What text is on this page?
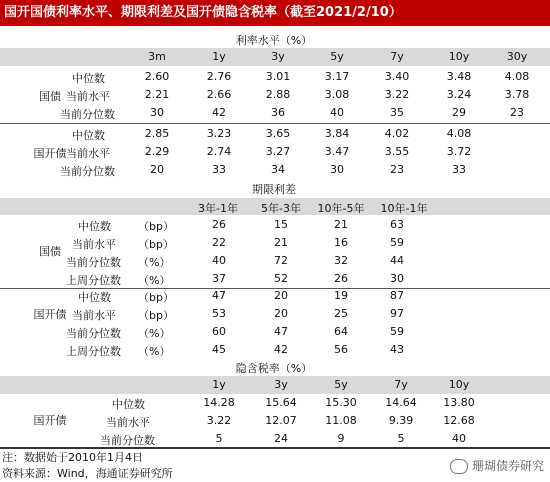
国开国债利率水平、期限利差及国开债隐含税率（截至2021/2/10）
利率水平（%）
3m	1y	3y	5y	7y	10y	30y
国债
中位数	2.60	2.76	3.01	3.17	3.40	3.48	4.08
当前水平	2.21	2.66	2.88	3.08	3.22	3.24	3.78
当前分位数	30	42	36	40	35	29	23
国开债
中位数	2.85	3.23	3.65	3.84	4.02	4.08
当前水平	2.29	2.74	3.27	3.47	3.55	3.72
当前分位数	20	33	34	30	23	33
期限利差
3年-1年	5年-3年	10年-5年	10年-1年
国债
中位数 （bp）	26	15	21	63
当前水平 （bp）	22	21	16	59
当前分位数 （%）	40	72	32	44
上周分位数 （%）	37	52	26	30
国开债
中位数 （bp）	47	20	19	87
当前水平 （bp）	53	20	25	97
当前分位数 （%）	60	47	64	59
上周分位数 （%）	45	42	56	43
隐含税率（%）
1y	3y	5y	7y	10y
国开债
中位数	14.28	15.64	15.30	14.64	13.80
当前水平	3.22	12.07	11.08	9.39	12.68
当前分位数	5	24	9	5	40
注：数据始于2010年1月4日
资料来源：Wind，海通证券研究所
珊瑚债券研究
